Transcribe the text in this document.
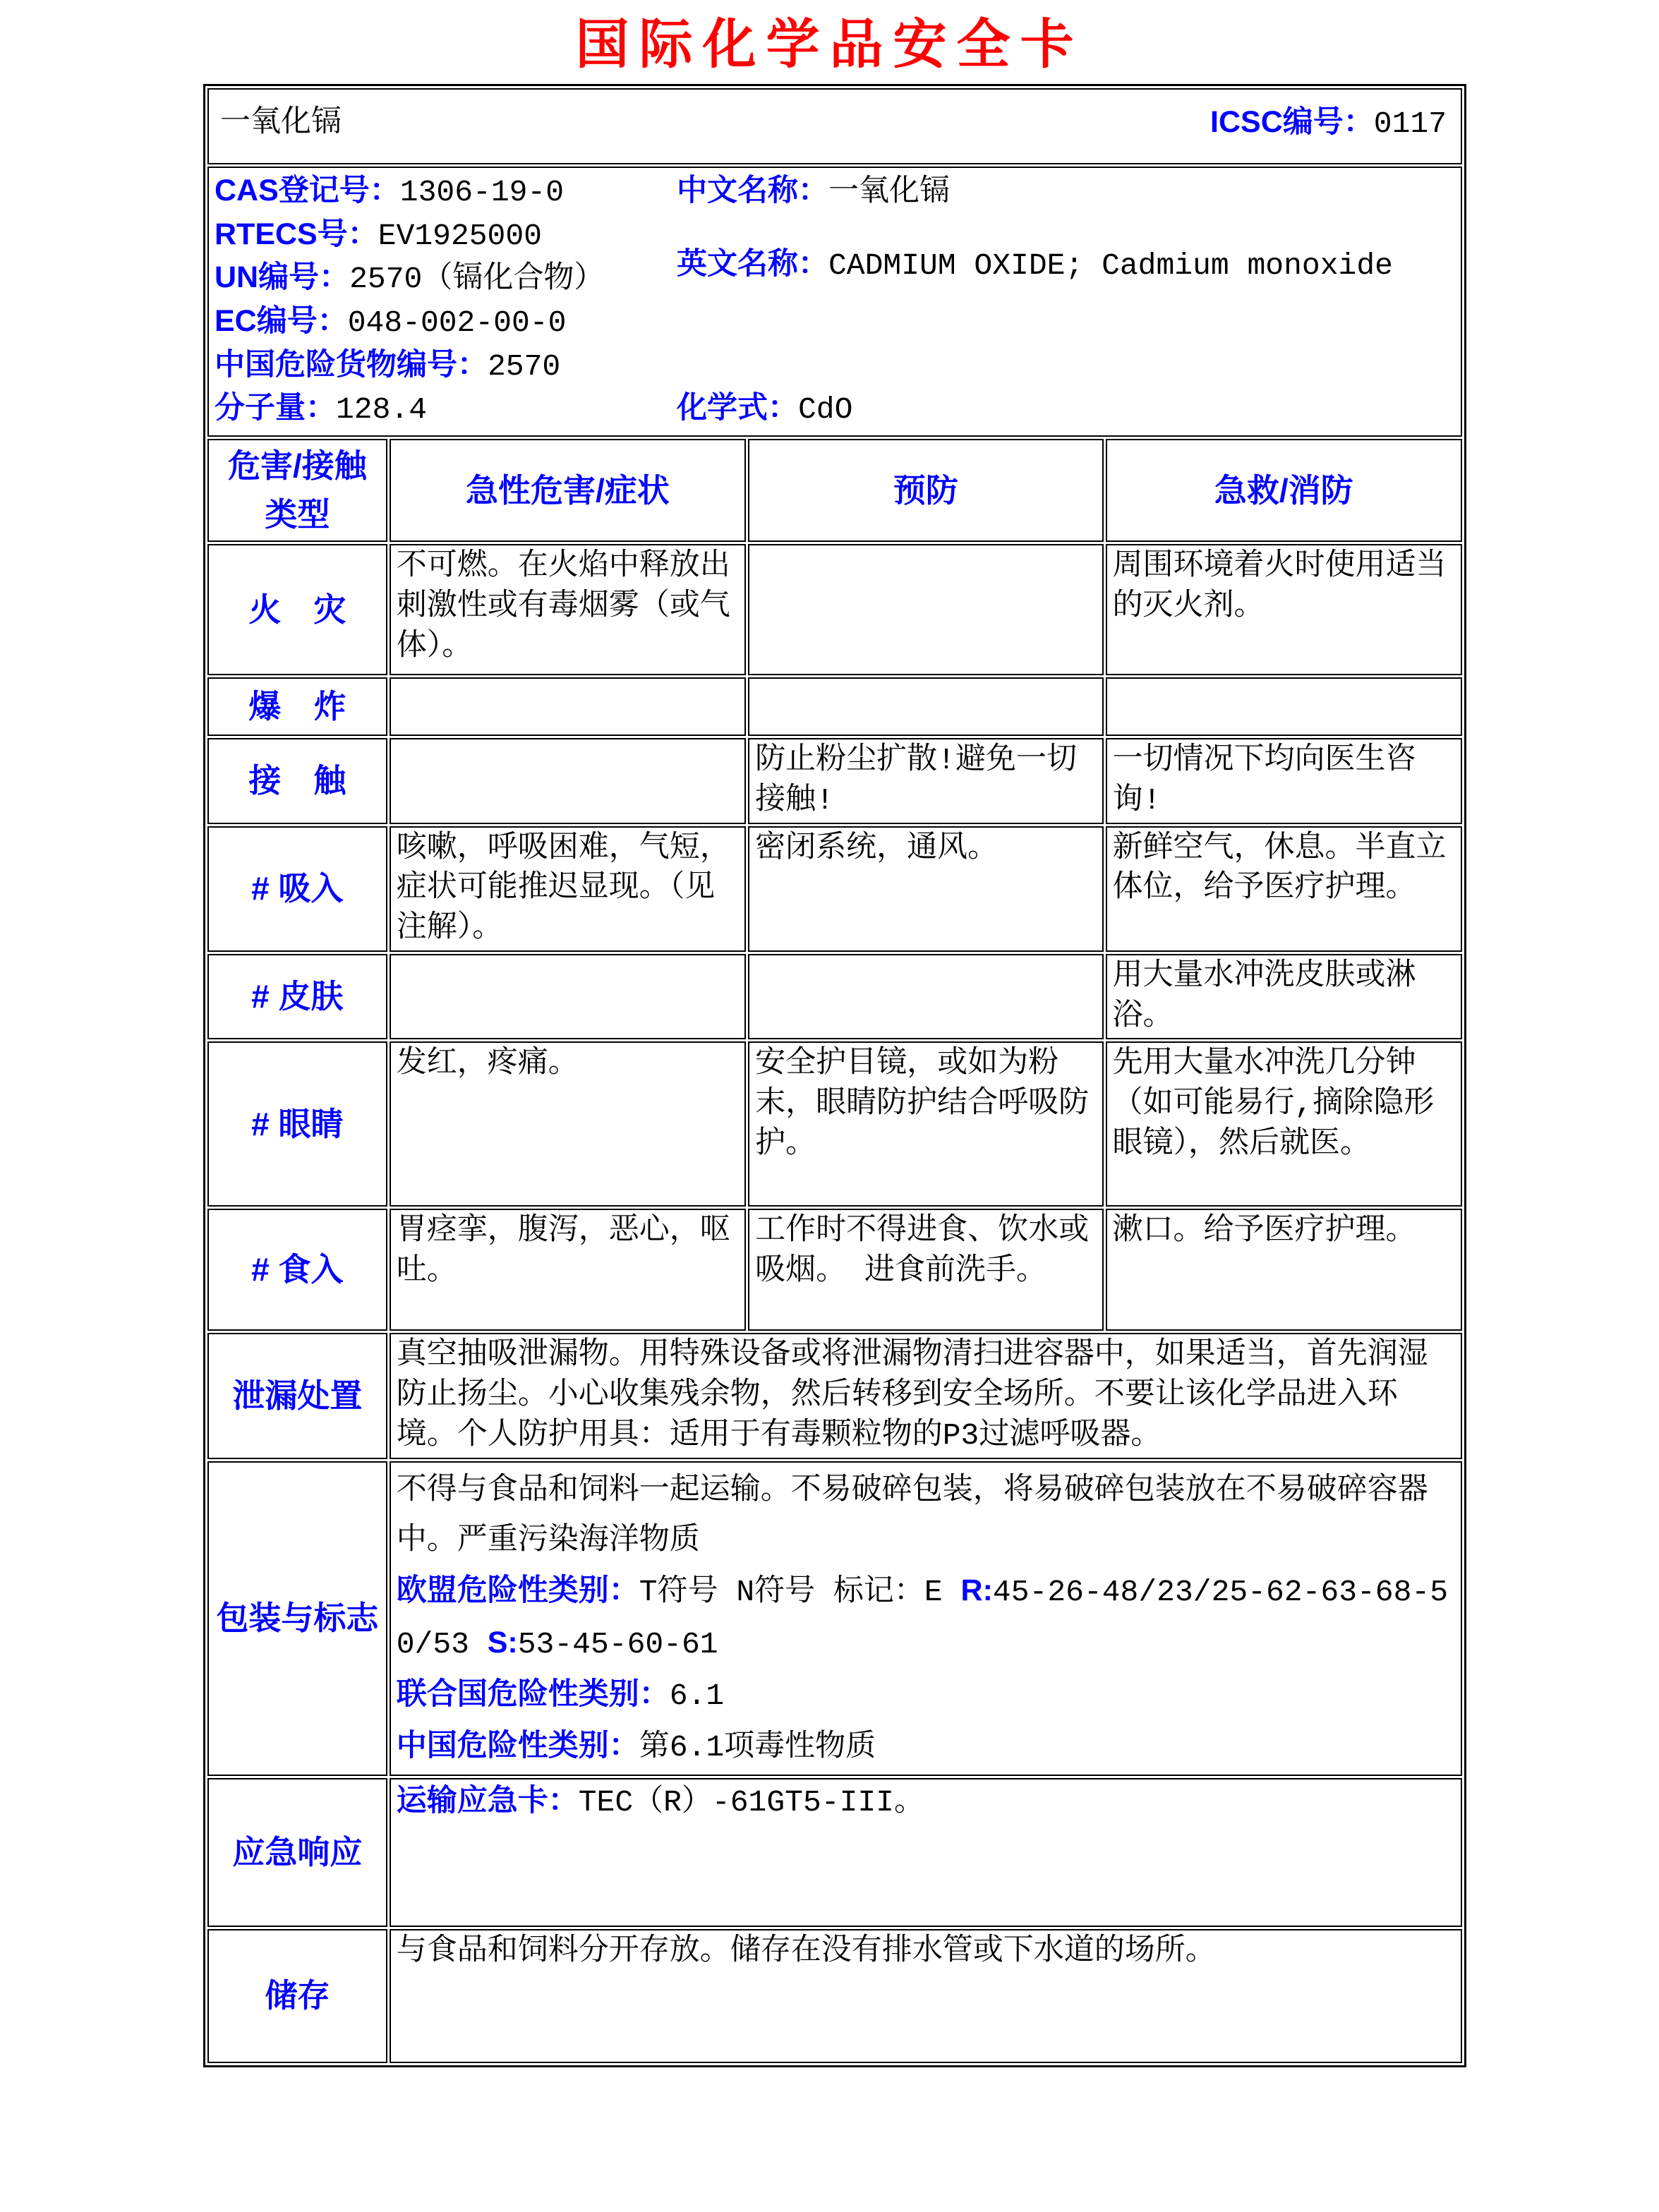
国际化学品安全卡
一氧化镉 ICSC编号：0117			

CAS登记号：1306-19-0
RTECS号：EV1925000
UN编号：2570（镉化合物）
EC编号：048-002-00-0
中国危险货物编号：2570
分子量：128.4
中文名称：一氧化镉
英文名称：CADMIUM OXIDE; Cadmium monoxide
化学式：CdO

危害/接触类型	急性危害/症状	预防	急救/消防
火　灾	不可燃。在火焰中释放出刺激性或有毒烟雾（或气体）。		周围环境着火时使用适当的灭火剂。
爆　炸			
接　触		防止粉尘扩散!避免一切接触!	一切情况下均向医生咨询!
# 吸入	咳嗽，呼吸困难，气短，症状可能推迟显现。（见注解）。	密闭系统，通风。	新鲜空气，休息。半直立体位，给予医疗护理。
# 皮肤			用大量水冲洗皮肤或淋浴。
# 眼睛	发红，疼痛。	安全护目镜，或如为粉末，眼睛防护结合呼吸防护。	先用大量水冲洗几分钟（如可能易行,摘除隐形眼镜），然后就医。
# 食入	胃痉挛，腹泻，恶心，呕吐。	工作时不得进食、饮水或吸烟。 进食前洗手。	漱口。给予医疗护理。
泄漏处置	真空抽吸泄漏物。用特殊设备或将泄漏物清扫进容器中，如果适当，首先润湿防止扬尘。小心收集残余物，然后转移到安全场所。不要让该化学品进入环境。个人防护用具：适用于有毒颗粒物的P3过滤呼吸器。		
包装与标志	不得与食品和饲料一起运输。不易破碎包装，将易破碎包装放在不易破碎容器中。严重污染海洋物质

欧盟危险性类别：T符号 N符号 标记：E R:45-26-48/23/25-62-63-68-50/53 S:53-45-60-61

联合国危险性类别：6.1

中国危险性类别：第6.1项毒性物质		

应急响应	运输应急卡：TEC（R）-61GT5-III。		
储存	与食品和饲料分开存放。储存在没有排水管或下水道的场所。		
